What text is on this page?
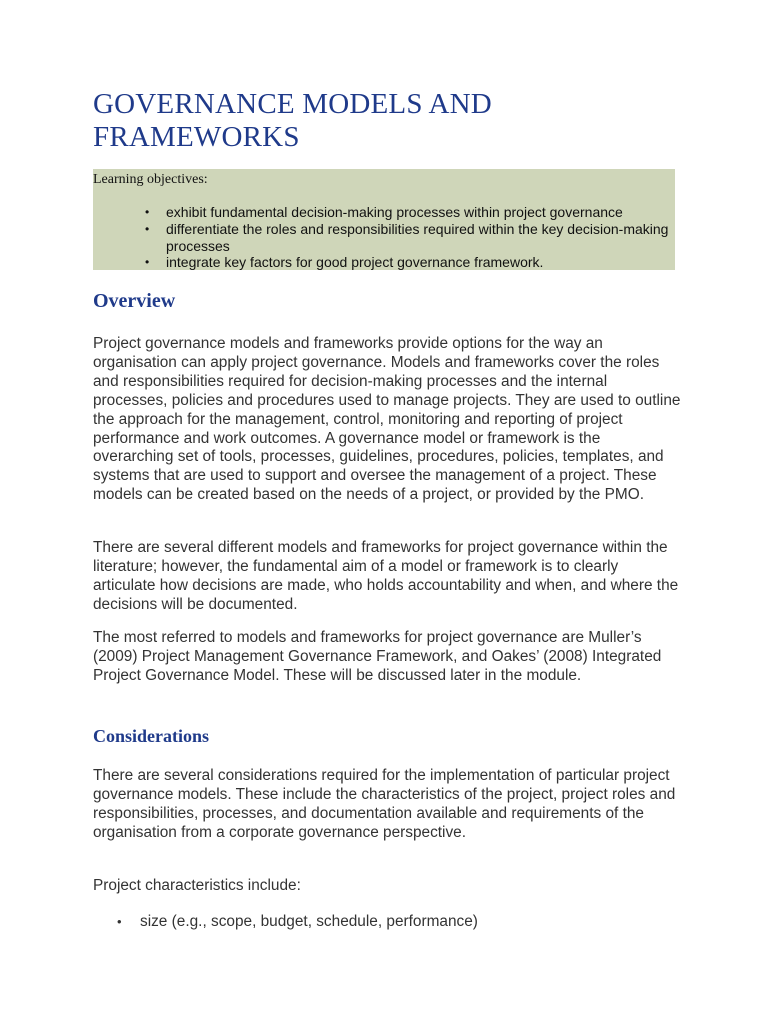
GOVERNANCE MODELS AND
FRAMEWORKS

Learning objectives:

• exhibit fundamental decision-making processes within project governance
• differentiate the roles and responsibilities required within the key decision-making processes
• integrate key factors for good project governance framework.
Overview

Project governance models and frameworks provide options for the way an organisation can apply project governance. Models and frameworks cover the roles and responsibilities required for decision-making processes and the internal processes, policies and procedures used to manage projects. They are used to outline the approach for the management, control, monitoring and reporting of project performance and work outcomes. A governance model or framework is the overarching set of tools, processes, guidelines, procedures, policies, templates, and systems that are used to support and oversee the management of a project. These models can be created based on the needs of a project, or provided by the PMO.

There are several different models and frameworks for project governance within the literature; however, the fundamental aim of a model or framework is to clearly articulate how decisions are made, who holds accountability and when, and where the decisions will be documented.

The most referred to models and frameworks for project governance are Muller’s (2009) Project Management Governance Framework, and Oakes’ (2008) Integrated Project Governance Model. These will be discussed later in the module.

Considerations

There are several considerations required for the implementation of particular project governance models. These include the characteristics of the project, project roles and responsibilities, processes, and documentation available and requirements of the organisation from a corporate governance perspective.

Project characteristics include:

• size (e.g., scope, budget, schedule, performance)
